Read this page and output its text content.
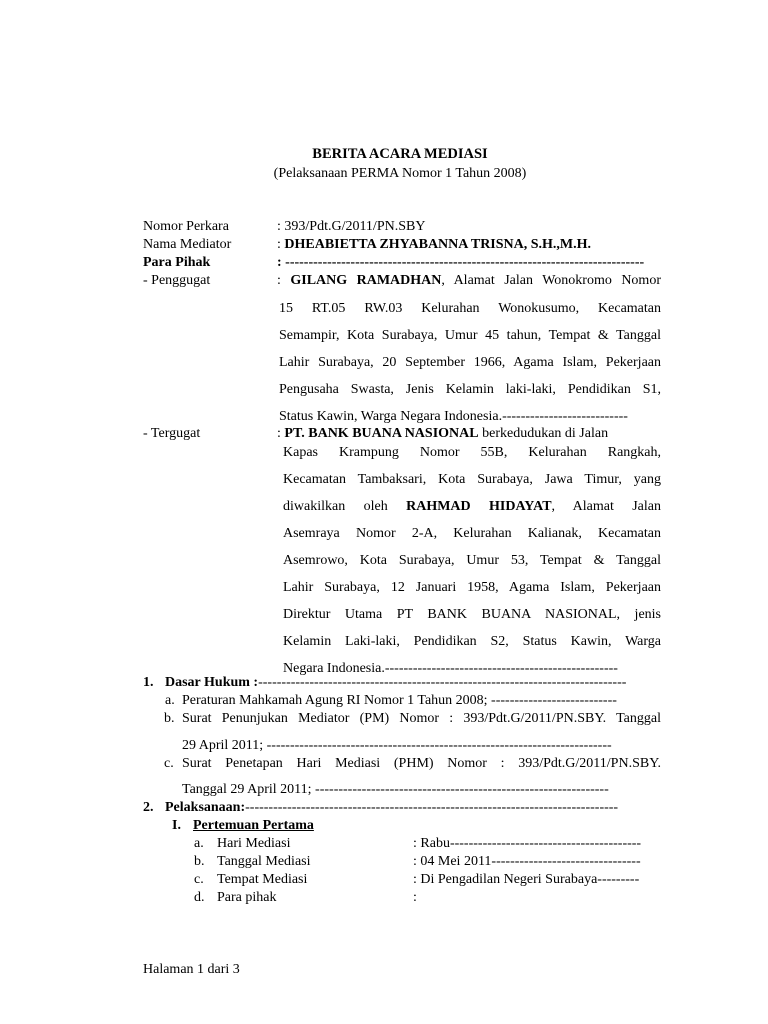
BERITA ACARA MEDIASI
(Pelaksanaan PERMA Nomor 1 Tahun 2008)
Nomor Perkara	: 393/Pdt.G/2011/PN.SBY
Nama Mediator	: DHEABIETTA ZHYABANNA TRISNA, S.H.,M.H.
Para Pihak	: -----------------------------------------------------------------------------
- Penggugat	: GILANG RAMADHAN, Alamat Jalan Wonokromo Nomor
15 RT.05 RW.03 Kelurahan Wonokusumo, Kecamatan
Semampir, Kota Surabaya, Umur 45 tahun, Tempat & Tanggal
Lahir Surabaya, 20 September 1966, Agama Islam, Pekerjaan
Pengusaha Swasta, Jenis Kelamin laki-laki, Pendidikan S1,
Status Kawin, Warga Negara Indonesia.---------------------------
- Tergugat	: PT. BANK BUANA NASIONAL berkedudukan di Jalan
Kapas Krampung Nomor 55B, Kelurahan Rangkah,
Kecamatan Tambaksari, Kota Surabaya, Jawa Timur, yang
diwakilkan oleh RAHMAD HIDAYAT, Alamat Jalan
Asemraya Nomor 2-A, Kelurahan Kalianak, Kecamatan
Asemrowo, Kota Surabaya, Umur 53, Tempat & Tanggal
Lahir Surabaya, 12 Januari 1958, Agama Islam, Pekerjaan
Direktur Utama PT BANK BUANA NASIONAL, jenis
Kelamin Laki-laki, Pendidikan S2, Status Kawin, Warga
Negara Indonesia.--------------------------------------------------
1. Dasar Hukum :-------------------------------------------------------------------------------
a. Peraturan Mahkamah Agung RI Nomor 1 Tahun 2008; ---------------------------
b. Surat Penunjukan Mediator (PM) Nomor : 393/Pdt.G/2011/PN.SBY. Tanggal
29 April 2011; --------------------------------------------------------------------------
c. Surat Penetapan Hari Mediasi (PHM) Nomor : 393/Pdt.G/2011/PN.SBY.
Tanggal 29 April 2011; ---------------------------------------------------------------
2. Pelaksanaan:--------------------------------------------------------------------------------
I. Pertemuan Pertama
a. Hari Mediasi	: Rabu-----------------------------------------
b. Tanggal Mediasi	: 04 Mei 2011--------------------------------
c. Tempat Mediasi	: Di Pengadilan Negeri Surabaya---------
d. Para pihak	:
Halaman 1 dari 3
